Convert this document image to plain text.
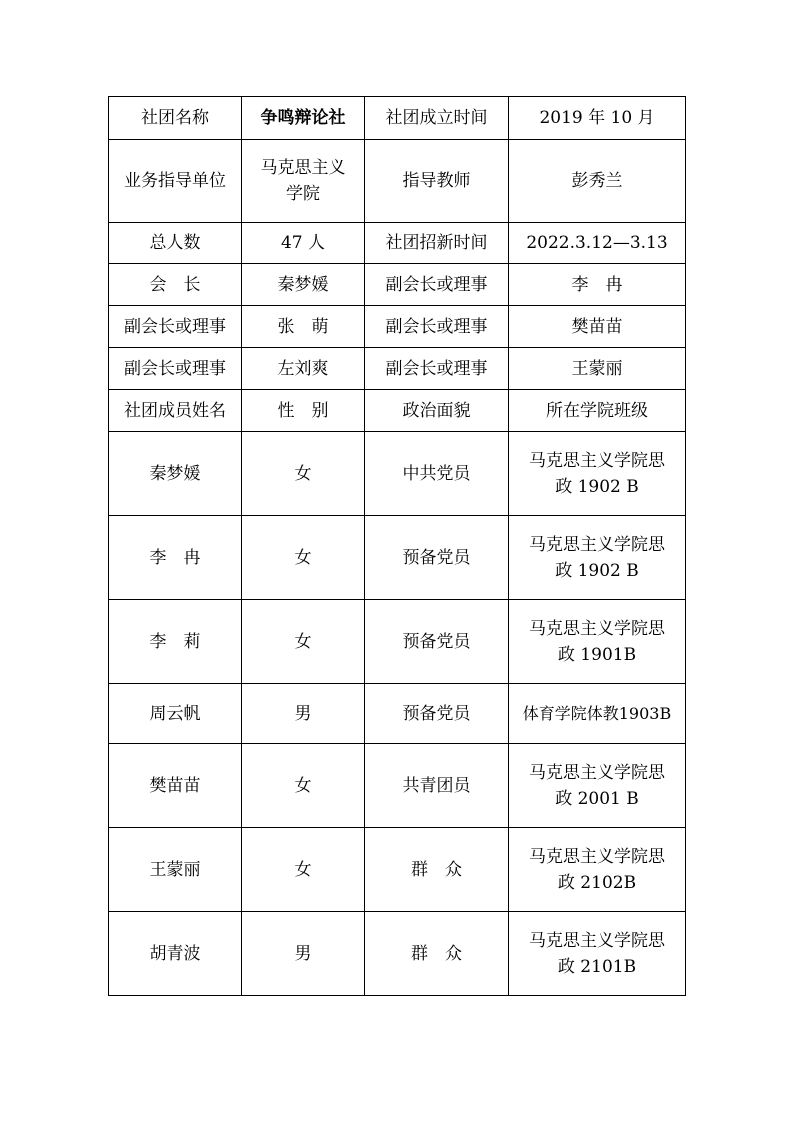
社团名称	争鸣辩论社	社团成立时间	2019 年 10 月
业务指导单位	马克思主义学院	指导教师	彭秀兰
总人数	47 人	社团招新时间	2022.3.12—3.13
会　长	秦梦媛	副会长或理事	李　冉
副会长或理事	张　萌	副会长或理事	樊苗苗
副会长或理事	左刘爽	副会长或理事	王蒙丽
社团成员姓名	性　别	政治面貌	所在学院班级
秦梦媛	女	中共党员	马克思主义学院思
政 1902 B
李　冉	女	预备党员	马克思主义学院思
政 1902 B
李　莉	女	预备党员	马克思主义学院思
政 1901B
周云帆	男	预备党员	体育学院体教1903B
樊苗苗	女	共青团员	马克思主义学院思
政 2001 B
王蒙丽	女	群　众	马克思主义学院思
政 2102B
胡青波	男	群　众	马克思主义学院思
政 2101B
